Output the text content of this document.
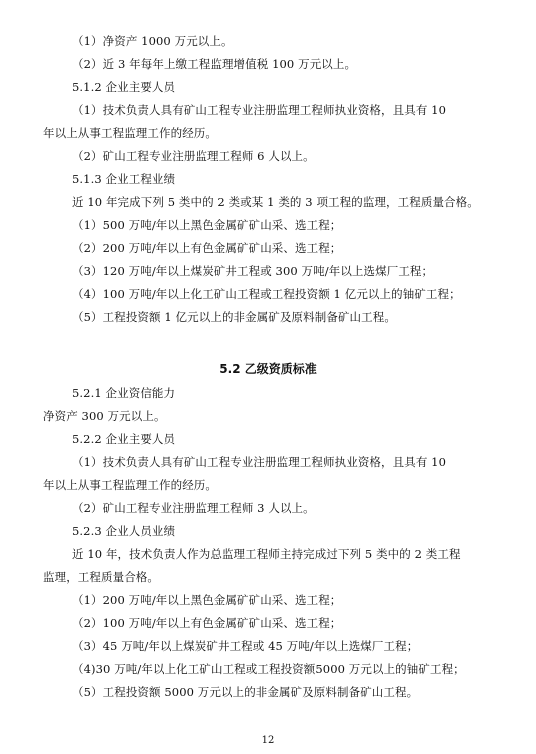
（1）净资产 1000 万元以上。
（2）近 3 年每年上缴工程监理增值税 100 万元以上。
5.1.2 企业主要人员
（1）技术负责人具有矿山工程专业注册监理工程师执业资格，且具有 10
年以上从事工程监理工作的经历。
（2）矿山工程专业注册监理工程师 6 人以上。
5.1.3 企业工程业绩
近 10 年完成下列 5 类中的 2 类或某 1 类的 3 项工程的监理，工程质量合格。
（1）500 万吨/年以上黑色金属矿矿山采、选工程；
（2）200 万吨/年以上有色金属矿矿山采、选工程；
（3）120 万吨/年以上煤炭矿井工程或 300 万吨/年以上选煤厂工程；
（4）100 万吨/年以上化工矿山工程或工程投资额 1 亿元以上的铀矿工程；
（5）工程投资额 1 亿元以上的非金属矿及原料制备矿山工程。
5.2 乙级资质标准
5.2.1 企业资信能力
净资产 300 万元以上。
5.2.2 企业主要人员
（1）技术负责人具有矿山工程专业注册监理工程师执业资格，且具有 10
年以上从事工程监理工作的经历。
（2）矿山工程专业注册监理工程师 3 人以上。
5.2.3 企业人员业绩
近 10 年，技术负责人作为总监理工程师主持完成过下列 5 类中的 2 类工程
监理，工程质量合格。
（1）200 万吨/年以上黑色金属矿矿山采、选工程；
（2）100 万吨/年以上有色金属矿矿山采、选工程；
（3）45 万吨/年以上煤炭矿井工程或 45 万吨/年以上选煤厂工程；
（4)30 万吨/年以上化工矿山工程或工程投资额5000 万元以上的铀矿工程；
（5）工程投资额 5000 万元以上的非金属矿及原料制备矿山工程。
12
